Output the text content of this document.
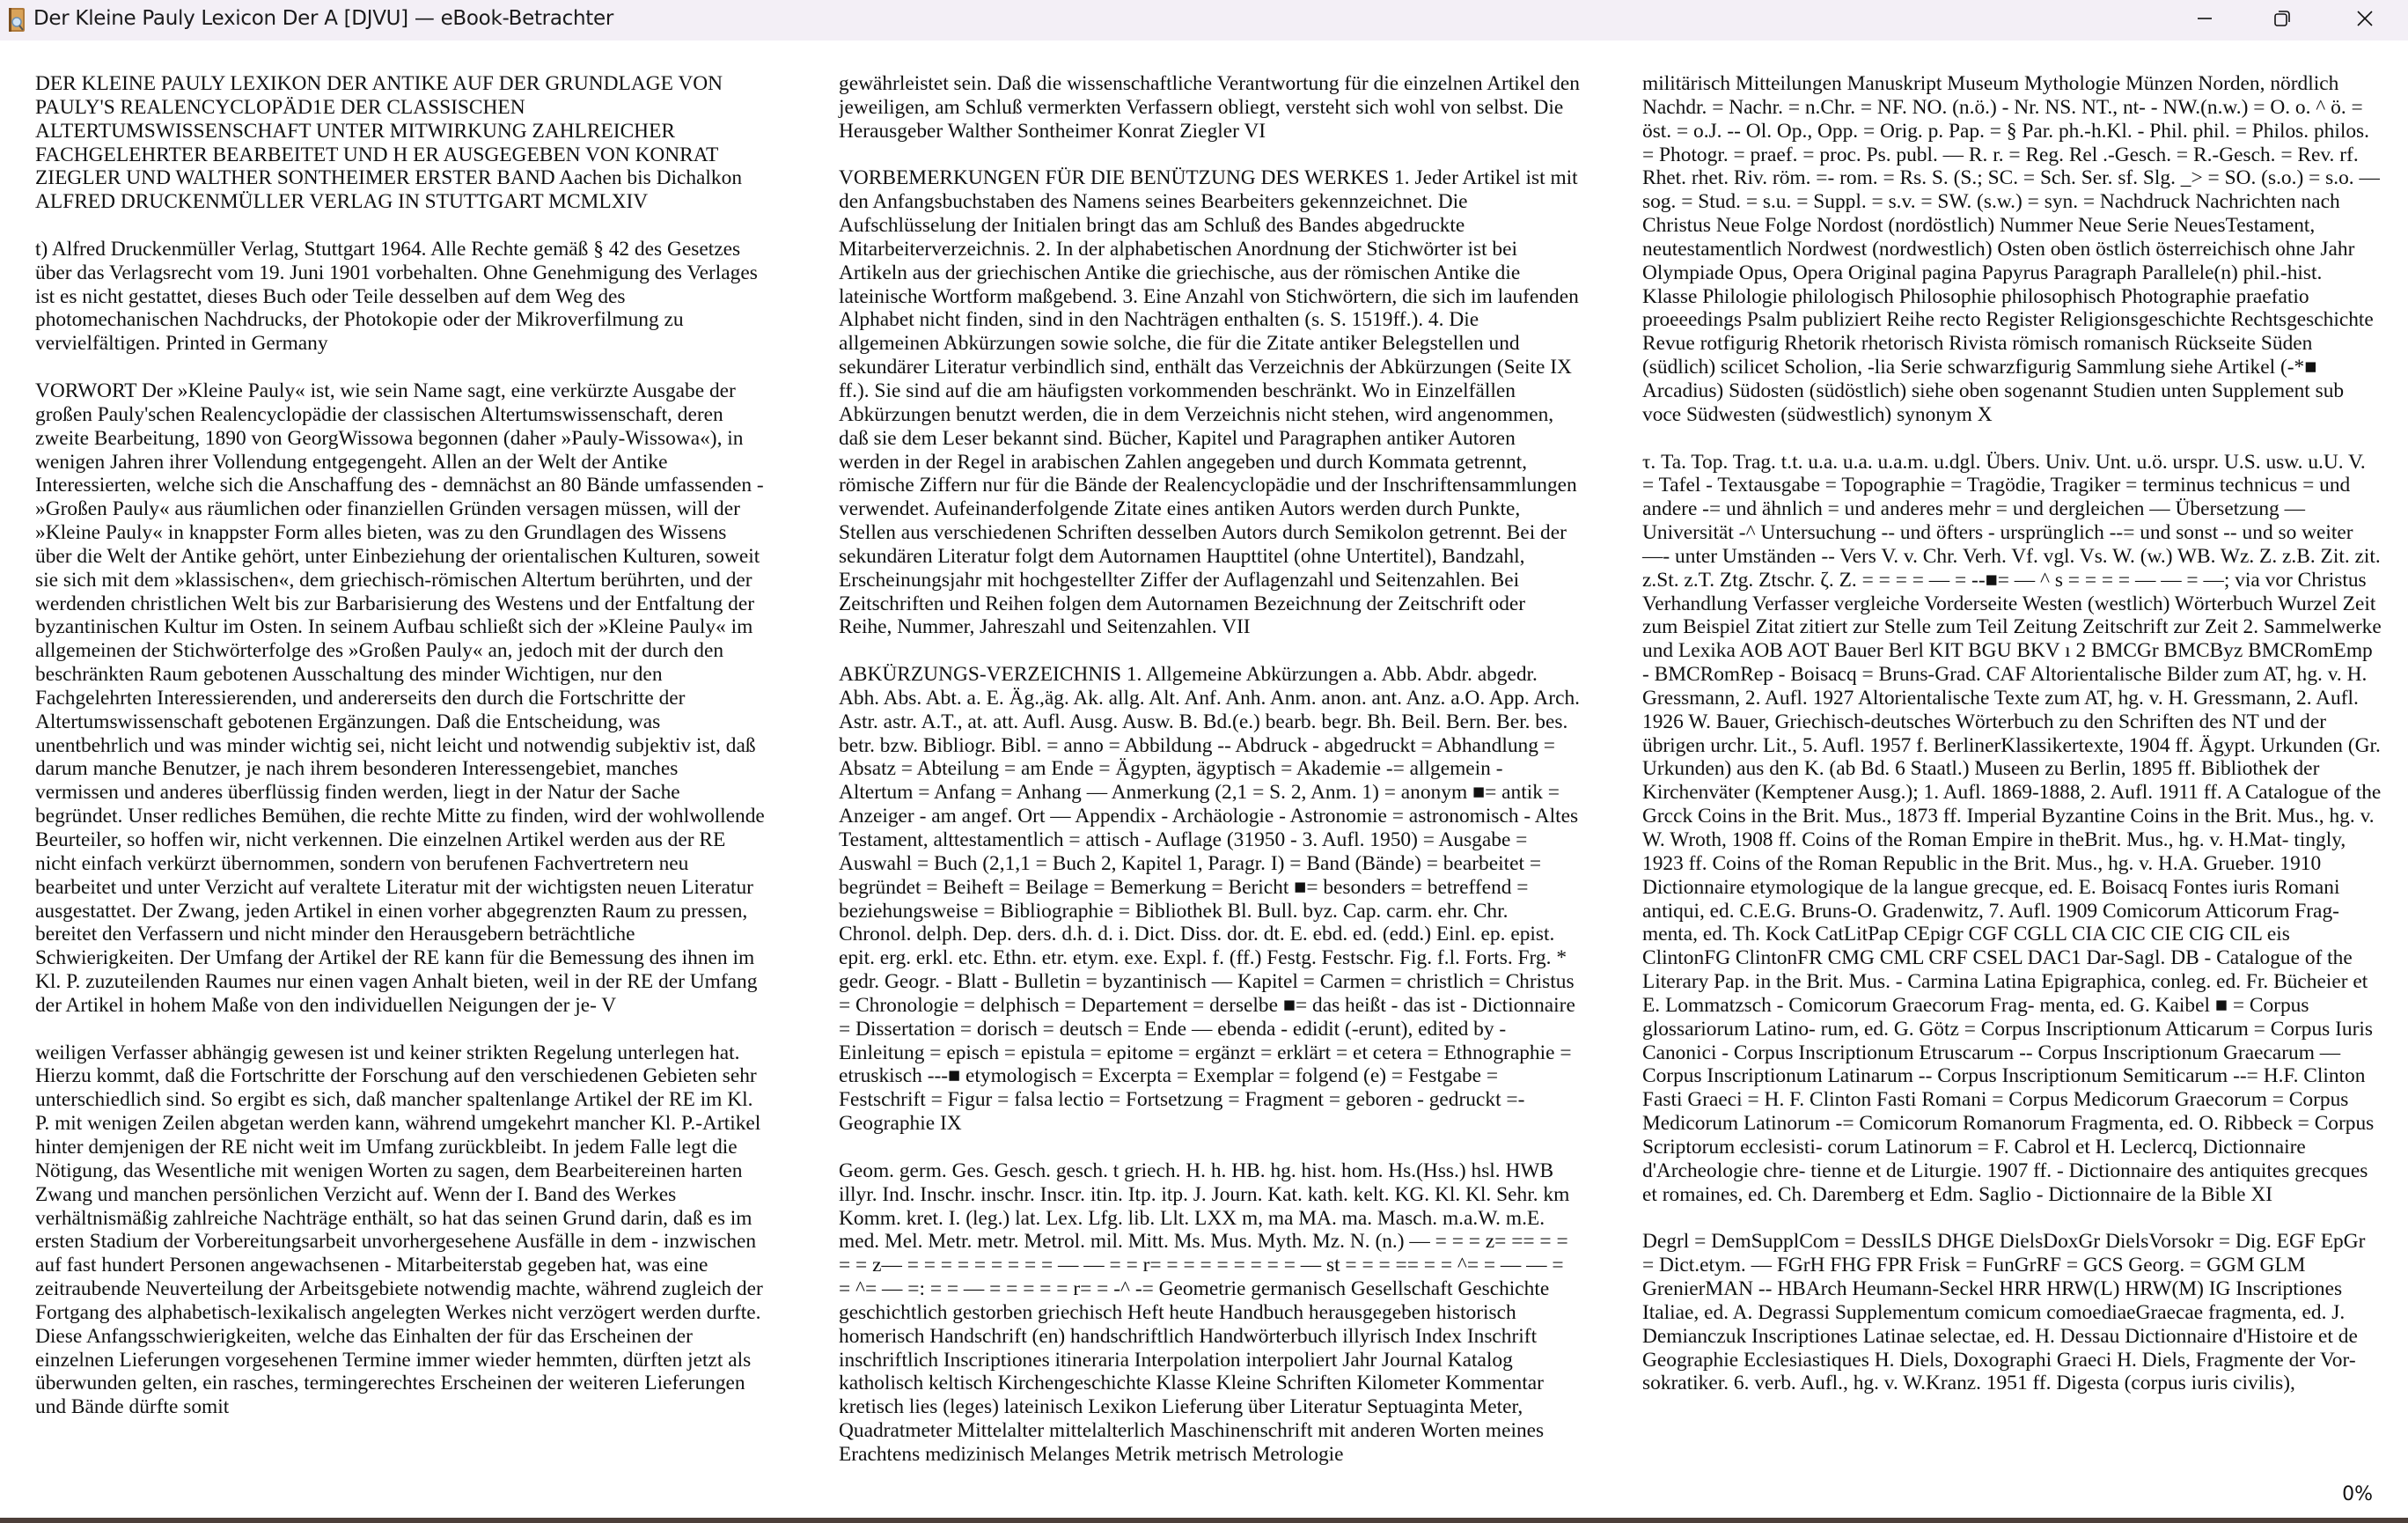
Der Kleine Pauly Lexicon Der A [DJVU] — eBook-Betrachter

DER KLEINE PAULY LEXIKON DER ANTIKE AUF DER GRUNDLAGE VON PAULY'S REALENCYCLOPÄD1E DER CLASSISCHEN ALTERTUMSWISSENSCHAFT UNTER MITWIRKUNG ZAHLREICHER FACHGELEHRTER BEARBEITET UND H ER AUSGEGEBEN VON KONRAT ZIEGLER UND WALTHER SONTHEIMER ERSTER BAND Aachen bis Dichalkon ALFRED DRUCKENMÜLLER VERLAG IN STUTTGART MCMLXIV

t) Alfred Druckenmüller Verlag, Stuttgart 1964. Alle Rechte gemäß § 42 des Gesetzes über das Verlagsrecht vom 19. Juni 1901 vorbehalten. Ohne Genehmigung des Verlages ist es nicht gestattet, dieses Buch oder Teile desselben auf dem Weg des photomechanischen Nachdrucks, der Photokopie oder der Mikroverfilmung zu vervielfältigen. Printed in Germany

VORWORT Der »Kleine Pauly« ist, wie sein Name sagt, eine verkürzte Ausgabe der großen Pauly'schen Realencyclopädie der classischen Altertumswissenschaft, deren zweite Bearbeitung, 1890 von GeorgWissowa begonnen (daher »Pauly-Wissowa«), in wenigen Jahren ihrer Vollendung entgegengeht. Allen an der Welt der Antike Interessierten, welche sich die Anschaffung des - demnächst an 80 Bände umfassenden - »Großen Pauly« aus räumlichen oder finanziellen Gründen versagen müssen, will der »Kleine Pauly« in knappster Form alles bieten, was zu den Grundlagen des Wissens über die Welt der Antike gehört, unter Einbeziehung der orientalischen Kulturen, soweit sie sich mit dem »klassischen«, dem griechisch-römischen Altertum berührten, und der werdenden christlichen Welt bis zur Barbarisierung des Westens und der Entfaltung der byzantinischen Kultur im Osten. In seinem Aufbau schließt sich der »Kleine Pauly« im allgemeinen der Stichwörterfolge des »Großen Pauly« an, jedoch mit der durch den beschränkten Raum gebotenen Ausschaltung des minder Wichtigen, nur den Fachgelehrten Interessierenden, und andererseits den durch die Fortschritte der Altertumswissenschaft gebotenen Ergänzungen. Daß die Entscheidung, was unentbehrlich und was minder wichtig sei, nicht leicht und notwendig subjektiv ist, daß darum manche Benutzer, je nach ihrem besonderen Interessengebiet, manches vermissen und anderes überflüssig finden werden, liegt in der Natur der Sache begründet. Unser redliches Bemühen, die rechte Mitte zu finden, wird der wohlwollende Beurteiler, so hoffen wir, nicht verkennen. Die einzelnen Artikel werden aus der RE nicht einfach verkürzt übernommen, sondern von berufenen Fachvertretern neu bearbeitet und unter Verzicht auf veraltete Literatur mit der wichtigsten neuen Literatur ausgestattet. Der Zwang, jeden Artikel in einen vorher abgegrenzten Raum zu pressen, bereitet den Verfassern und nicht minder den Herausgebern beträchtliche Schwierigkeiten. Der Umfang der Artikel der RE kann für die Bemessung des ihnen im Kl. P. zuzuteilenden Raumes nur einen vagen Anhalt bieten, weil in der RE der Umfang der Artikel in hohem Maße von den individuellen Neigungen der je- V

weiligen Verfasser abhängig gewesen ist und keiner strikten Regelung unterlegen hat. Hierzu kommt, daß die Fortschritte der Forschung auf den verschiedenen Gebieten sehr unterschiedlich sind. So ergibt es sich, daß mancher spaltenlange Artikel der RE im Kl. P. mit wenigen Zeilen abgetan werden kann, während umgekehrt mancher Kl. P.-Artikel hinter demjenigen der RE nicht weit im Umfang zurückbleibt. In jedem Falle legt die Nötigung, das Wesentliche mit wenigen Worten zu sagen, dem Bearbeitereinen harten Zwang und manchen persönlichen Verzicht auf. Wenn der I. Band des Werkes verhältnismäßig zahlreiche Nachträge enthält, so hat das seinen Grund darin, daß es im ersten Stadium der Vorbereitungsarbeit unvorhergesehene Ausfälle in dem - inzwischen auf fast hundert Personen angewachsenen - Mitarbeiterstab gegeben hat, was eine zeitraubende Neuverteilung der Arbeitsgebiete notwendig machte, während zugleich der Fortgang des alphabetisch-lexikalisch angelegten Werkes nicht verzögert werden durfte. Diese Anfangsschwierigkeiten, welche das Einhalten der für das Erscheinen der einzelnen Lieferungen vorgesehenen Termine immer wieder hemmten, dürften jetzt als überwunden gelten, ein rasches, termingerechtes Erscheinen der weiteren Lieferungen und Bände dürfte somit

gewährleistet sein. Daß die wissenschaftliche Verantwortung für die einzelnen Artikel den jeweiligen, am Schluß vermerkten Verfassern obliegt, versteht sich wohl von selbst. Die Herausgeber Walther Sontheimer Konrat Ziegler VI

VORBEMERKUNGEN FÜR DIE BENÜTZUNG DES WERKES 1. Jeder Artikel ist mit den Anfangsbuchstaben des Namens seines Bearbeiters gekennzeichnet. Die Aufschlüsselung der Initialen bringt das am Schluß des Bandes abgedruckte Mitarbeiterverzeichnis. 2. In der alphabetischen Anordnung der Stichwörter ist bei Artikeln aus der griechischen Antike die griechische, aus der römischen Antike die lateinische Wortform maßgebend. 3. Eine Anzahl von Stichwörtern, die sich im laufenden Alphabet nicht finden, sind in den Nachträgen enthalten (s. S. 1519ff.). 4. Die allgemeinen Abkürzungen sowie solche, die für die Zitate antiker Belegstellen und sekundärer Literatur verbindlich sind, enthält das Verzeichnis der Abkürzungen (Seite IX ff.). Sie sind auf die am häufigsten vorkommenden beschränkt. Wo in Einzelfällen Abkürzungen benutzt werden, die in dem Verzeichnis nicht stehen, wird angenommen, daß sie dem Leser bekannt sind. Bücher, Kapitel und Paragraphen antiker Autoren werden in der Regel in arabischen Zahlen angegeben und durch Kommata getrennt, römische Ziffern nur für die Bände der Realencyclopädie und der Inschriftensammlungen verwendet. Aufeinanderfolgende Zitate eines antiken Autors werden durch Punkte, Stellen aus verschiedenen Schriften desselben Autors durch Semikolon getrennt. Bei der sekundären Literatur folgt dem Autornamen Haupttitel (ohne Untertitel), Bandzahl, Erscheinungsjahr mit hochgestellter Ziffer der Auflagenzahl und Seitenzahlen. Bei Zeitschriften und Reihen folgen dem Autornamen Bezeichnung der Zeitschrift oder Reihe, Nummer, Jahreszahl und Seitenzahlen. VII

ABKÜRZUNGS-VERZEICHNIS 1. Allgemeine Abkürzungen a. Abb. Abdr. abgedr. Abh. Abs. Abt. a. E. Äg.,äg. Ak. allg. Alt. Anf. Anh. Anm. anon. ant. Anz. a.O. App. Arch. Astr. astr. A.T., at. att. Aufl. Ausg. Ausw. B. Bd.(e.) bearb. begr. Bh. Beil. Bern. Ber. bes. betr. bzw. Bibliogr. Bibl. = anno = Abbildung -- Abdruck - abgedruckt = Abhandlung = Absatz = Abteilung = am Ende = Ägypten, ägyptisch = Akademie -= allgemein - Altertum = Anfang = Anhang — Anmerkung (2,1 = S. 2, Anm. 1) = anonym ■= antik = Anzeiger - am angef. Ort — Appendix - Archäologie - Astronomie = astronomisch - Altes Testament, alttestamentlich = attisch - Auflage (31950 - 3. Aufl. 1950) = Ausgabe = Auswahl = Buch (2,1,1 = Buch 2, Kapitel 1, Paragr. I) = Band (Bände) = bearbeitet = begründet = Beiheft = Beilage = Bemerkung = Bericht ■= besonders = betreffend = beziehungsweise = Bibliographie = Bibliothek Bl. Bull. byz. Cap. carm. ehr. Chr. Chronol. delph. Dep. ders. d.h. d. i. Dict. Diss. dor. dt. E. ebd. ed. (edd.) Einl. ep. epist. epit. erg. erkl. etc. Ethn. etr. etym. exe. Expl. f. (ff.) Festg. Festschr. Fig. f.l. Forts. Frg. * gedr. Geogr. - Blatt - Bulletin = byzantinisch — Kapitel = Carmen = christlich = Christus = Chronologie = delphisch = Departement = derselbe ■= das heißt - das ist - Dictionnaire = Dissertation = dorisch = deutsch = Ende — ebenda - edidit (-erunt), edited by - Einleitung = episch = epistula = epitome = ergänzt = erklärt = et cetera = Ethnographie = etruskisch ---■ etymologisch = Excerpta = Exemplar = folgend (e) = Festgabe = Festschrift = Figur = falsa lectio = Fortsetzung = Fragment = geboren - gedruckt =- Geographie IX

Geom. germ. Ges. Gesch. gesch. t griech. H. h. HB. hg. hist. hom. Hs.(Hss.) hsl. HWB illyr. Ind. Inschr. inschr. Inscr. itin. Itp. itp. J. Journ. Kat. kath. kelt. KG. Kl. Kl. Sehr. km Komm. kret. I. (leg.) lat. Lex. Lfg. lib. Llt. LXX m, ma MA. ma. Masch. m.a.W. m.E. med. Mel. Metr. metr. Metrol. mil. Mitt. Ms. Mus. Myth. Mz. N. (n.) — = = = z= == = = = = z— = = = = = = = = = — — = = r= = = = = = = = = — st = = = == = = ^= = — — = = ^= — =: = = — = = = = = r= = -^ -= Geometrie germanisch Gesellschaft Geschichte geschichtlich gestorben griechisch Heft heute Handbuch herausgegeben historisch homerisch Handschrift (en) handschriftlich Handwörterbuch illyrisch Index Inschrift inschriftlich Inscriptiones itineraria Interpolation interpoliert Jahr Journal Katalog katholisch keltisch Kirchengeschichte Klasse Kleine Schriften Kilometer Kommentar kretisch lies (leges) lateinisch Lexikon Lieferung über Literatur Septuaginta Meter, Quadratmeter Mittelalter mittelalterlich Maschinenschrift mit anderen Worten meines Erachtens medizinisch Melanges Metrik metrisch Metrologie

militärisch Mitteilungen Manuskript Museum Mythologie Münzen Norden, nördlich Nachdr. = Nachr. = n.Chr. = NF. NO. (n.ö.) - Nr. NS. NT., nt- - NW.(n.w.) = O. o. ^ ö. = öst. = o.J. -- Ol. Op., Opp. = Orig. p. Pap. = § Par. ph.-h.Kl. - Phil. phil. = Philos. philos. = Photogr. = praef. = proc. Ps. publ. — R. r. = Reg. Rel .-Gesch. = R.-Gesch. = Rev. rf. Rhet. rhet. Riv. röm. =- rom. = Rs. S. (S.; SC. = Sch. Ser. sf. Slg. _> = SO. (s.o.) = s.o. — sog. = Stud. = s.u. = Suppl. = s.v. = SW. (s.w.) = syn. = Nachdruck Nachrichten nach Christus Neue Folge Nordost (nordöstlich) Nummer Neue Serie NeuesTestament, neutestamentlich Nordwest (nordwestlich) Osten oben östlich österreichisch ohne Jahr Olympiade Opus, Opera Original pagina Papyrus Paragraph Parallele(n) phil.-hist. Klasse Philologie philologisch Philosophie philosophisch Photographie praefatio proeeedings Psalm publiziert Reihe recto Register Religionsgeschichte Rechtsgeschichte Revue rotfigurig Rhetorik rhetorisch Rivista römisch romanisch Rückseite Süden (südlich) scilicet Scholion, -lia Serie schwarzfigurig Sammlung siehe Artikel (-*■ Arcadius) Südosten (südöstlich) siehe oben sogenannt Studien unten Supplement sub voce Südwesten (südwestlich) synonym X

τ. Ta. Top. Trag. t.t. u.a. u.a. u.a.m. u.dgl. Übers. Univ. Unt. u.ö. urspr. U.S. usw. u.U. V. = Tafel - Textausgabe = Topographie = Tragödie, Tragiker = terminus technicus = und andere -= und ähnlich = und anderes mehr = und dergleichen — Übersetzung — Universität -^ Untersuchung -- und öfters - ursprünglich --= und sonst -- und so weiter —- unter Umständen -- Vers V. v. Chr. Verh. Vf. vgl. Vs. W. (w.) WB. Wz. Z. z.B. Zit. zit. z.St. z.T. Ztg. Ztschr. ζ. Z. = = = = — = --■= — ^ s = = = = — — = —; via vor Christus Verhandlung Verfasser vergleiche Vorderseite Westen (westlich) Wörterbuch Wurzel Zeit zum Beispiel Zitat zitiert zur Stelle zum Teil Zeitung Zeitschrift zur Zeit 2. Sammelwerke und Lexika AOB AOT Bauer Berl KIT BGU BKV ı 2 BMCGr BMCByz BMCRomEmp - BMCRomRep - Boisacq = Bruns-Grad. CAF Altorientalische Bilder zum AT, hg. v. H. Gressmann, 2. Aufl. 1927 Altorientalische Texte zum AT, hg. v. H. Gressmann, 2. Aufl. 1926 W. Bauer, Griechisch-deutsches Wörterbuch zu den Schriften des NT und der übrigen urchr. Lit., 5. Aufl. 1957 f. BerlinerKlassikertexte, 1904 ff. Ägypt. Urkunden (Gr. Urkunden) aus den K. (ab Bd. 6 Staatl.) Museen zu Berlin, 1895 ff. Bibliothek der Kirchenväter (Kemptener Ausg.); 1. Aufl. 1869-1888, 2. Aufl. 1911 ff. A Catalogue of the Grcck Coins in the Brit. Mus., 1873 ff. Imperial Byzantine Coins in the Brit. Mus., hg. v. W. Wroth, 1908 ff. Coins of the Roman Empire in theBrit. Mus., hg. v. H.Mat- tingly, 1923 ff. Coins of the Roman Republic in the Brit. Mus., hg. v. H.A. Grueber. 1910 Dictionnaire etymologique de la langue grecque, ed. E. Boisacq Fontes iuris Romani antiqui, ed. C.E.G. Bruns-O. Gradenwitz, 7. Aufl. 1909 Comicorum Atticorum Frag- menta, ed. Th. Kock CatLitPap CEpigr CGF CGLL CIA CIC CIE CIG CIL eis ClintonFG ClintonFR CMG CML CRF CSEL DAC1 Dar-Sagl. DB - Catalogue of the Literary Pap. in the Brit. Mus. - Carmina Latina Epigraphica, conleg. ed. Fr. Bücheier et E. Lommatzsch - Comicorum Graecorum Frag- menta, ed. G. Kaibel ■ = Corpus glossariorum Latino- rum, ed. G. Götz = Corpus Inscriptionum Atticarum = Corpus Iuris Canonici - Corpus Inscriptionum Etruscarum -- Corpus Inscriptionum Graecarum — Corpus Inscriptionum Latinarum -- Corpus Inscriptionum Semiticarum --= H.F. Clinton Fasti Graeci = H. F. Clinton Fasti Romani = Corpus Medicorum Graecorum = Corpus Medicorum Latinorum -= Comicorum Romanorum Fragmenta, ed. O. Ribbeck = Corpus Scriptorum ecclesisti- corum Latinorum = F. Cabrol et H. Leclercq, Dictionnaire d'Archeologie chre- tienne et de Liturgie. 1907 ff. - Dictionnaire des antiquites grecques et romaines, ed. Ch. Daremberg et Edm. Saglio - Dictionnaire de la Bible XI

Degrl = DemSupplCom = DessILS DHGE DielsDoxGr DielsVorsokr = Dig. EGF EpGr = Dict.etym. — FGrH FHG FPR Frisk = FunGrRF = GCS Georg. = GGM GLM GrenierMAN -- HBArch Heumann-Seckel HRR HRW(L) HRW(M) IG Inscriptiones Italiae, ed. A. Degrassi Supplementum comicum comoediaeGraecae fragmenta, ed. J. Demianczuk Inscriptiones Latinae selectae, ed. H. Dessau Dictionnaire d'Histoire et de Geographie Ecclesiastiques H. Diels, Doxographi Graeci H. Diels, Fragmente der Vor- sokratiker. 6. verb. Aufl., hg. v. W.Kranz. 1951 ff. Digesta (corpus iuris civilis),

0%
